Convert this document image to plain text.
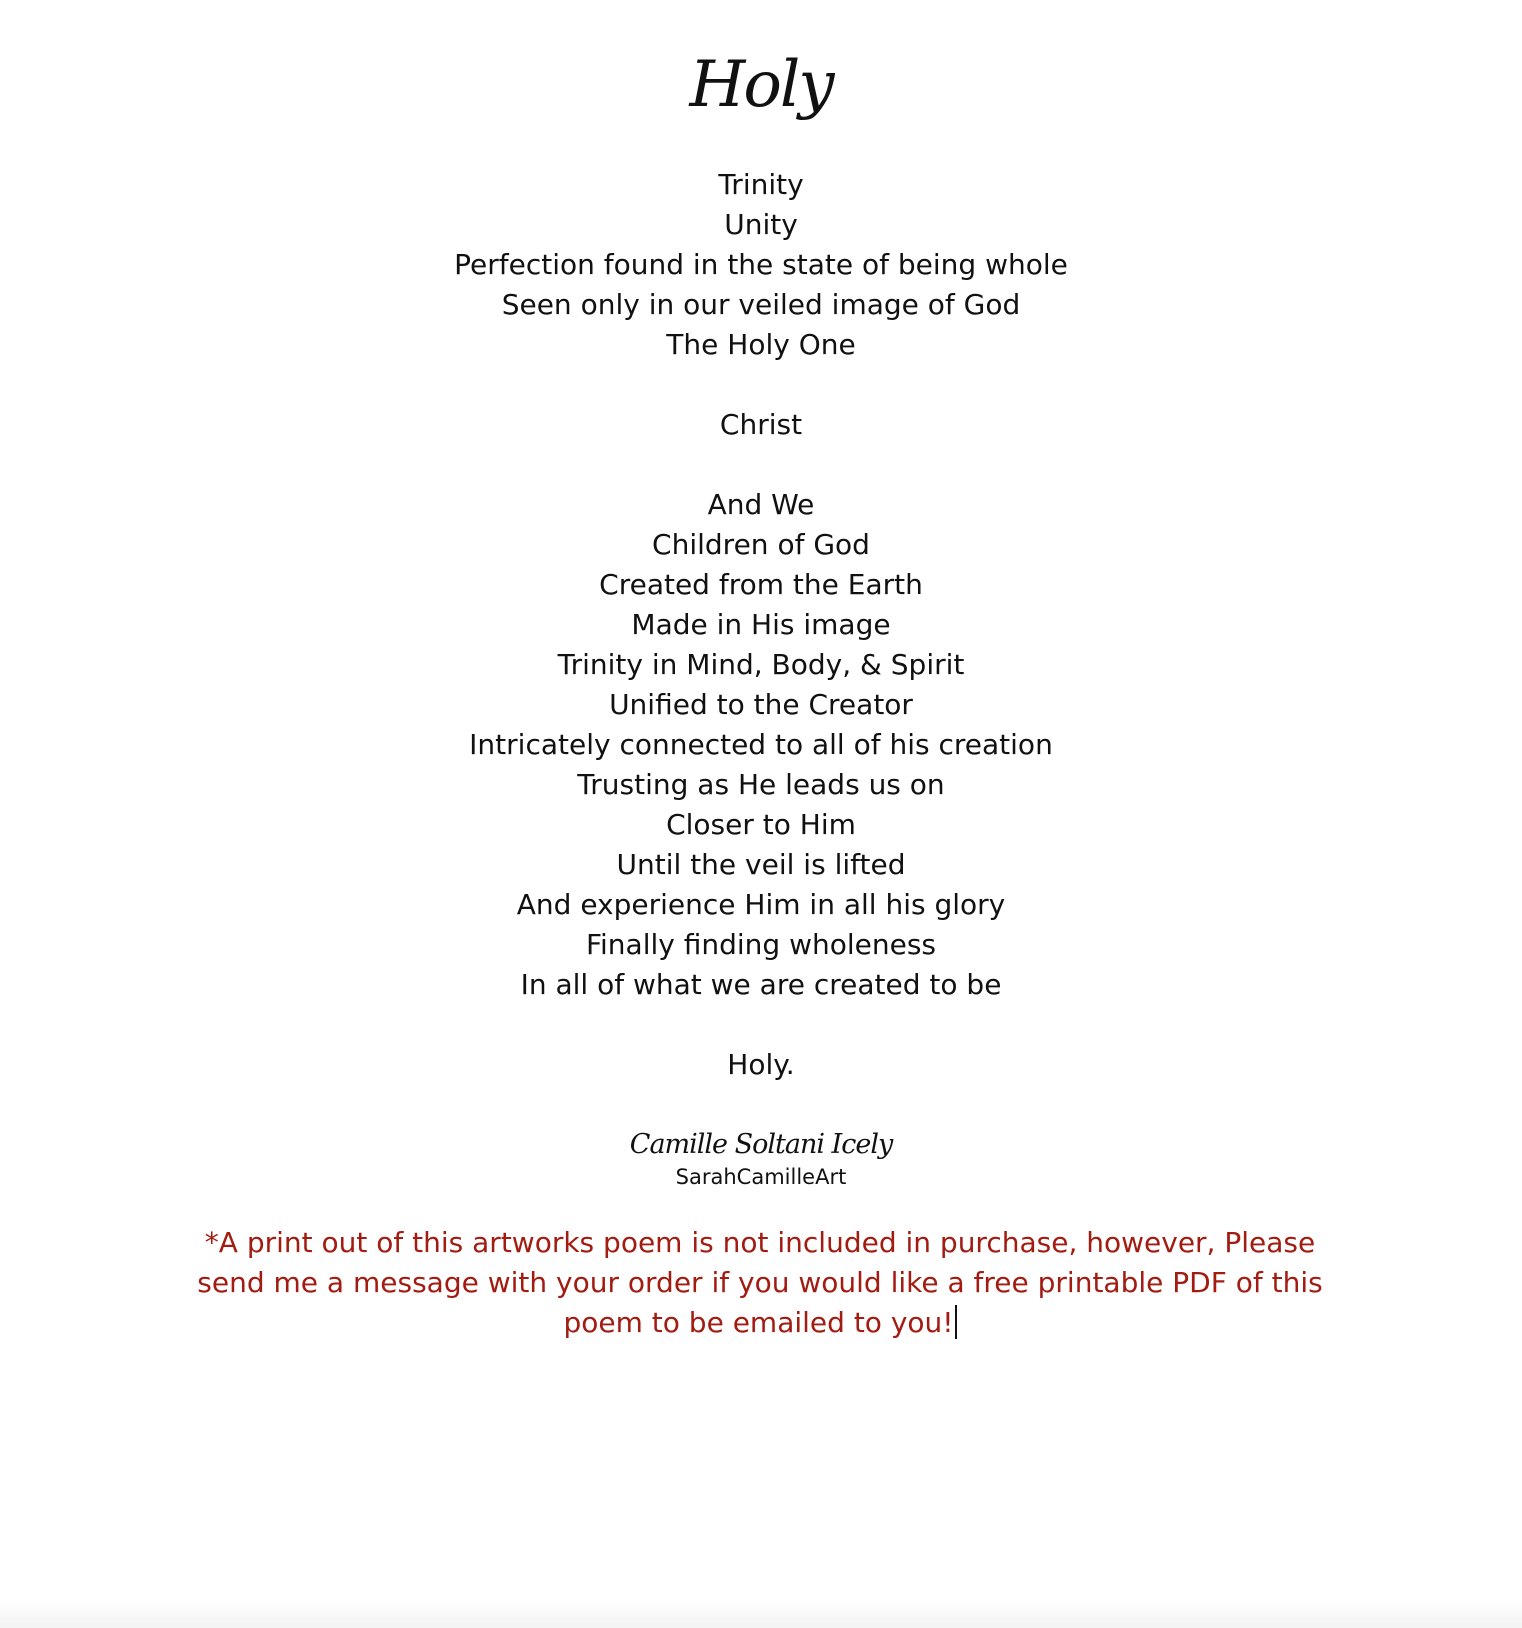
Holy
Trinity
Unity
Perfection found in the state of being whole
Seen only in our veiled image of God
The Holy One
Christ
And We
Children of God
Created from the Earth
Made in His image
Trinity in Mind, Body, & Spirit
Unified to the Creator
Intricately connected to all of his creation
Trusting as He leads us on
Closer to Him
Until the veil is lifted
And experience Him in all his glory
Finally finding wholeness
In all of what we are created to be
Holy.
Camille Soltani Icely
SarahCamilleArt
*A print out of this artworks poem is not included in purchase, however, Please send me a message with your order if you would like a free printable PDF of this poem to be emailed to you!
